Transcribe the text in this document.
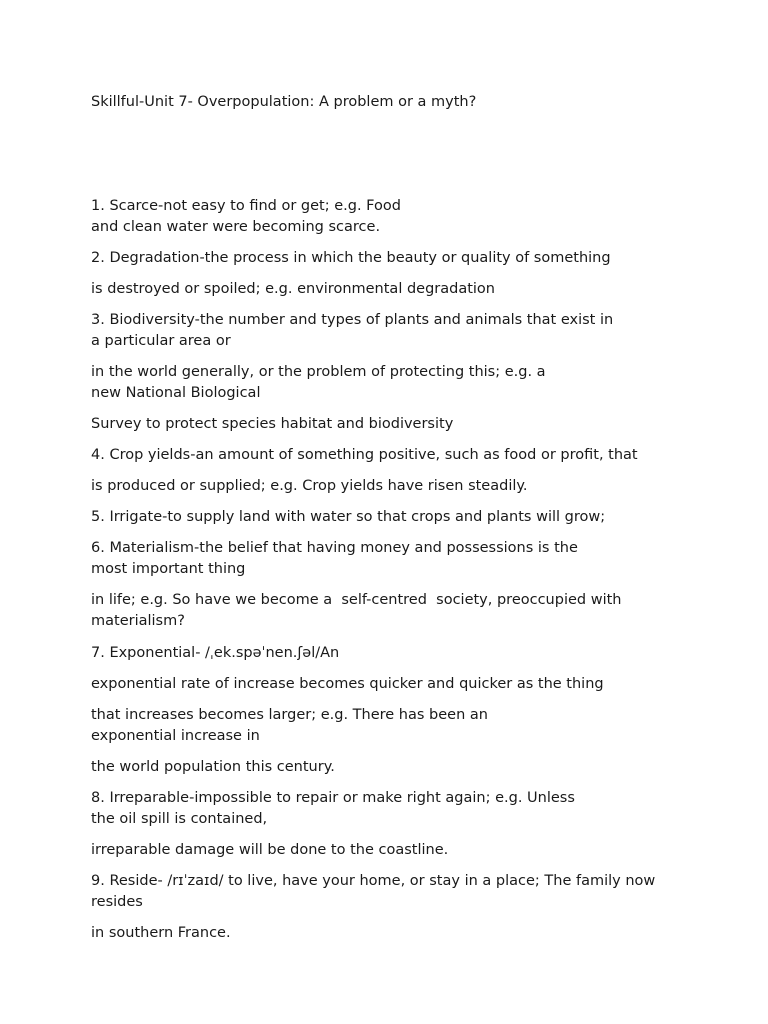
Skillful-Unit 7- Overpopulation: A problem or a myth?

1. Scarce-not easy to find or get; e.g. Food
and clean water were becoming scarce.

2. Degradation-the process in which the beauty or quality of something

is destroyed or spoiled; e.g. environmental degradation

3. Biodiversity-the number and types of plants and animals that exist in
a particular area or

in the world generally, or the problem of protecting this; e.g. a
new National Biological

Survey to protect species habitat and biodiversity

4. Crop yields-an amount of something positive, such as food or profit, that

is produced or supplied; e.g. Crop yields have risen steadily.

5. Irrigate-to supply land with water so that crops and plants will grow;

6. Materialism-the belief that having money and possessions is the
most important thing

in life; e.g. So have we become a  self-centred  society, preoccupied with
materialism?

7. Exponential- /ˌek.spəˈnen.ʃəl/An

exponential rate of increase becomes quicker and quicker as the thing

that increases becomes larger; e.g. There has been an
exponential increase in

the world population this century.

8. Irreparable-impossible to repair or make right again; e.g. Unless
the oil spill is contained,

irreparable damage will be done to the coastline.

9. Reside- /rɪˈzaɪd/ to live, have your home, or stay in a place; The family now
resides

in southern France.
